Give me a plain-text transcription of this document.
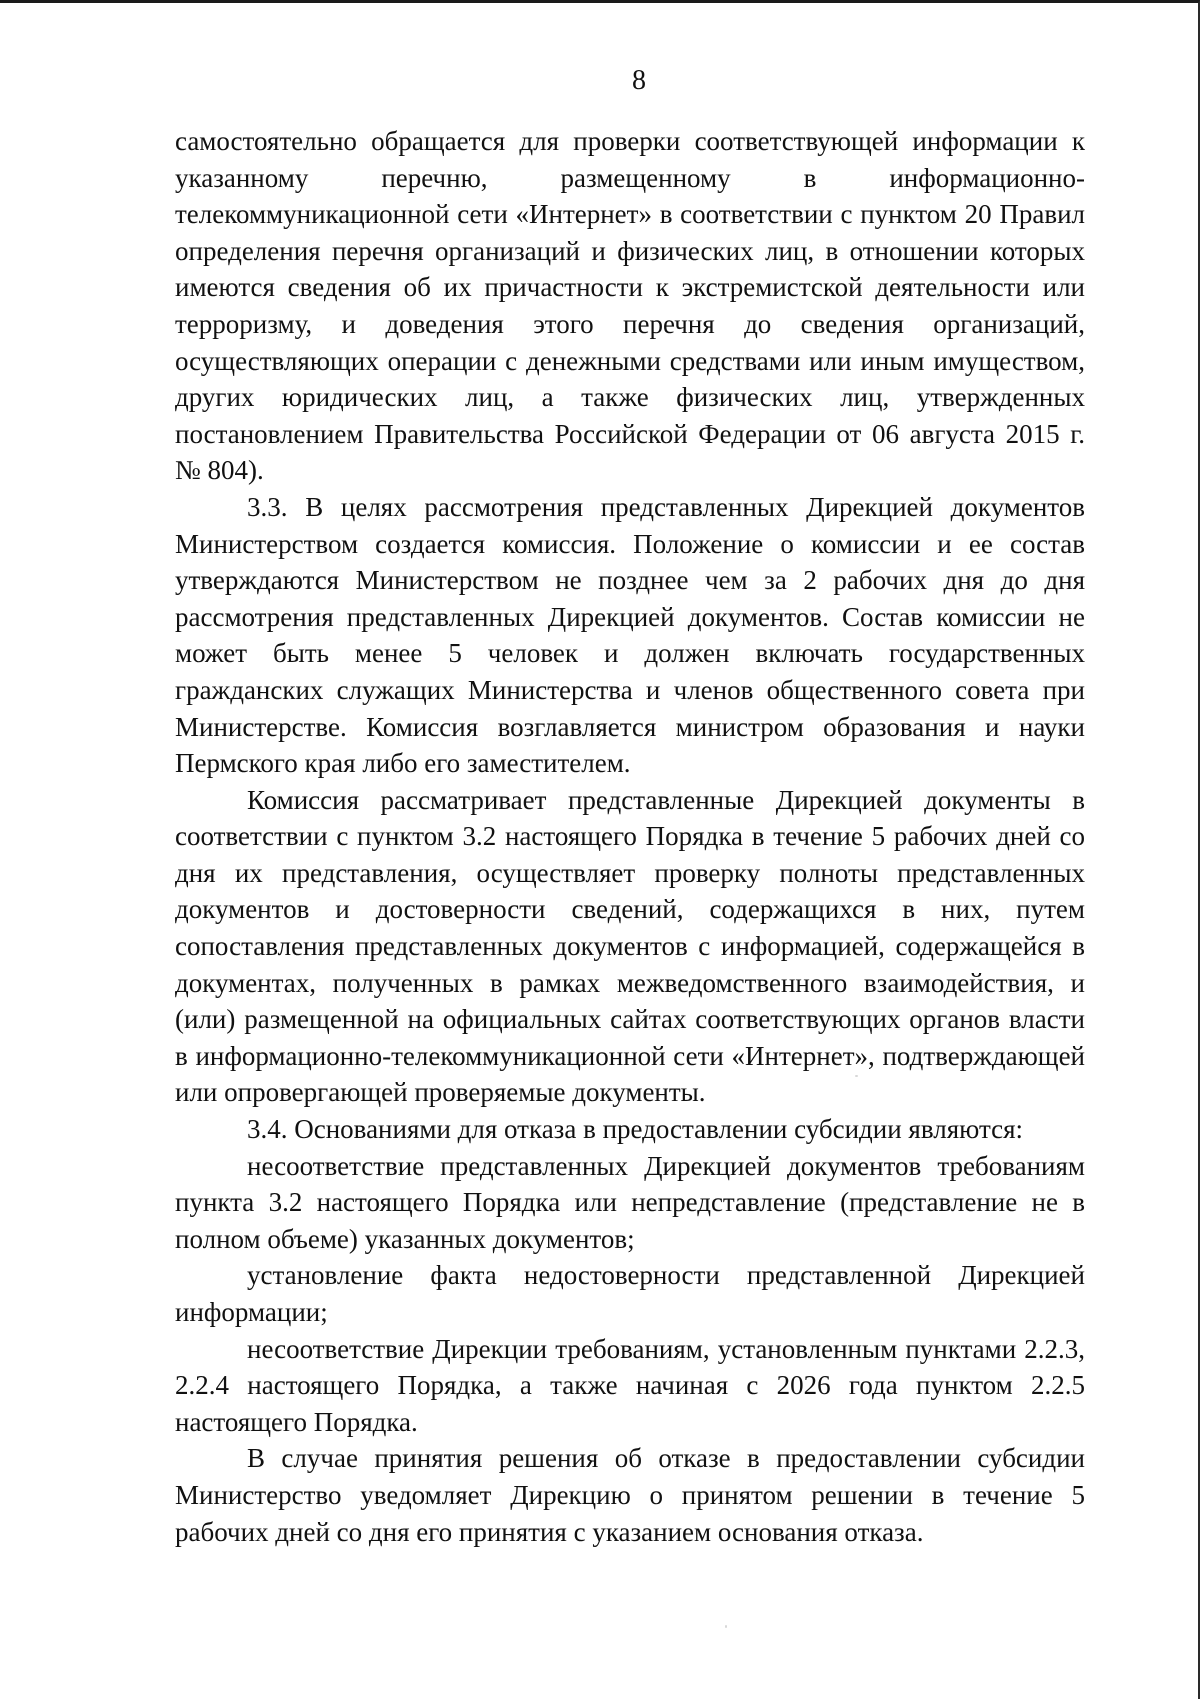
8

самостоятельно обращается для проверки соответствующей информации к указанному перечню, размещенному в информационно-телекоммуникационной сети «Интернет» в соответствии с пунктом 20 Правил определения перечня организаций и физических лиц, в отношении которых имеются сведения об их причастности к экстремистской деятельности или терроризму, и доведения этого перечня до сведения организаций, осуществляющих операции с денежными средствами или иным имуществом, других юридических лиц, а также физических лиц, утвержденных постановлением Правительства Российской Федерации от 06 августа 2015 г. № 804).

3.3. В целях рассмотрения представленных Дирекцией документов Министерством создается комиссия. Положение о комиссии и ее состав утверждаются Министерством не позднее чем за 2 рабочих дня до дня рассмотрения представленных Дирекцией документов. Состав комиссии не может быть менее 5 человек и должен включать государственных гражданских служащих Министерства и членов общественного совета при Министерстве. Комиссия возглавляется министром образования и науки Пермского края либо его заместителем.

Комиссия рассматривает представленные Дирекцией документы в соответствии с пунктом 3.2 настоящего Порядка в течение 5 рабочих дней со дня их представления, осуществляет проверку полноты представленных документов и достоверности сведений, содержащихся в них, путем сопоставления представленных документов с информацией, содержащейся в документах, полученных в рамках межведомственного взаимодействия, и (или) размещенной на официальных сайтах соответствующих органов власти в информационно-телекоммуникационной сети «Интернет», подтверждающей или опровергающей проверяемые документы.

3.4. Основаниями для отказа в предоставлении субсидии являются:

несоответствие представленных Дирекцией документов требованиям пункта 3.2 настоящего Порядка или непредставление (представление не в полном объеме) указанных документов;

установление факта недостоверности представленной Дирекцией информации;

несоответствие Дирекции требованиям, установленным пунктами 2.2.3, 2.2.4 настоящего Порядка, а также начиная с 2026 года пунктом 2.2.5 настоящего Порядка.

В случае принятия решения об отказе в предоставлении субсидии Министерство уведомляет Дирекцию о принятом решении в течение 5 рабочих дней со дня его принятия с указанием основания отказа.
